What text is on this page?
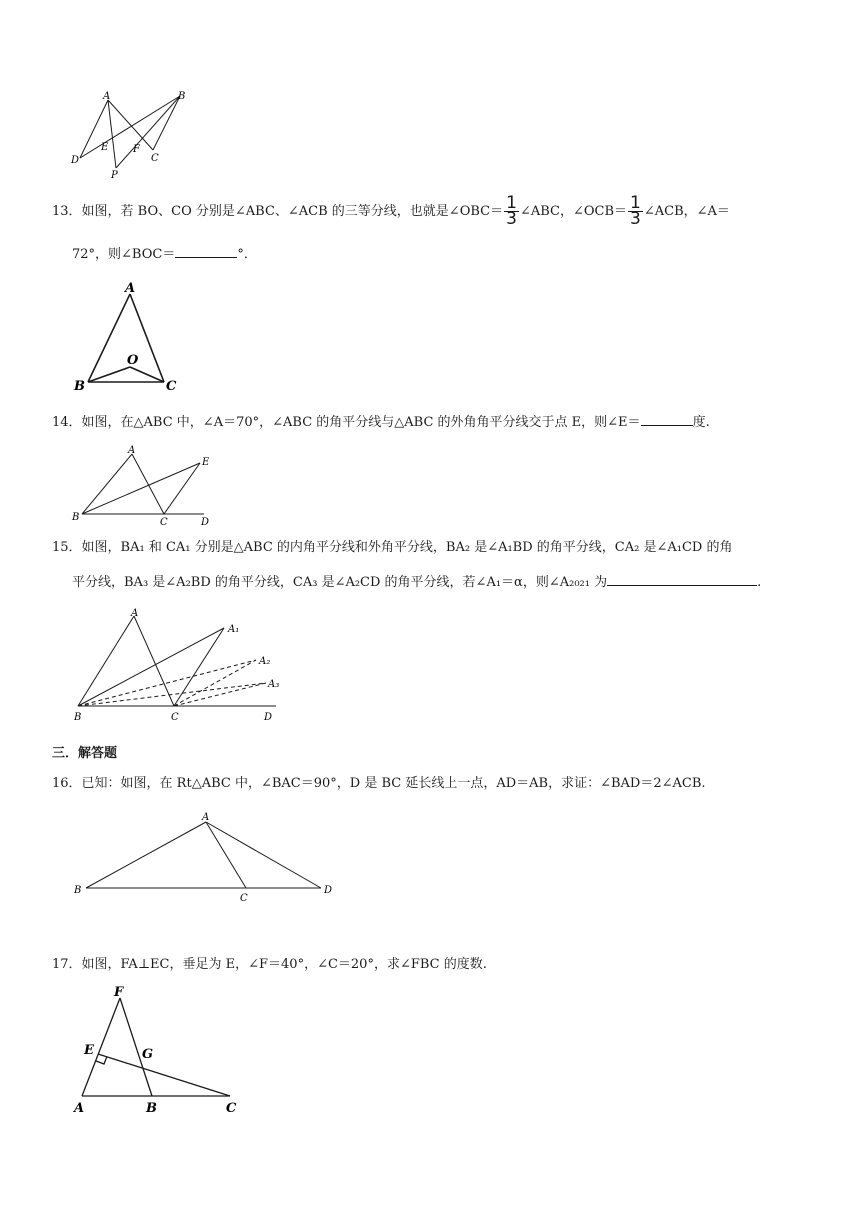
A	B
D
E F
C
P
13．如图，若 BO、CO 分别是∠ABC、∠ACB 的三等分线，也就是∠OBC＝ $\frac{1}{3}$ ∠ABC，∠OCB＝ $\frac{1}{3}$ ∠ACB，∠A＝
72°，则∠BOC＝	°．
A
O
B	C
14．如图，在△ABC 中，∠A＝70°，∠ABC 的角平分线与△ABC 的外角角平分线交于点 E，则∠E＝	度.
A
E
B	C	D
15．如图，BA₁ 和 CA₁ 分别是△ABC 的内角平分线和外角平分线，BA₂ 是∠A₁BD 的角平分线，CA₂ 是∠A₁CD 的角
平分线，BA₃ 是∠A₂BD 的角平分线，CA₃ 是∠A₂CD 的角平分线，若∠A₁＝α，则∠A₂₀₂₁ 为	.
A
A₁
A₂
A₃
B	C	D
三．解答题
16．已知：如图，在 Rt△ABC 中，∠BAC＝90°，D 是 BC 延长线上一点，AD＝AB，求证：∠BAD＝2∠ACB.
A
B
C
D
17．如图，FA⊥EC，垂足为 E，∠F＝40°，∠C＝20°，求∠FBC 的度数.
F
E	G
A	B	C
